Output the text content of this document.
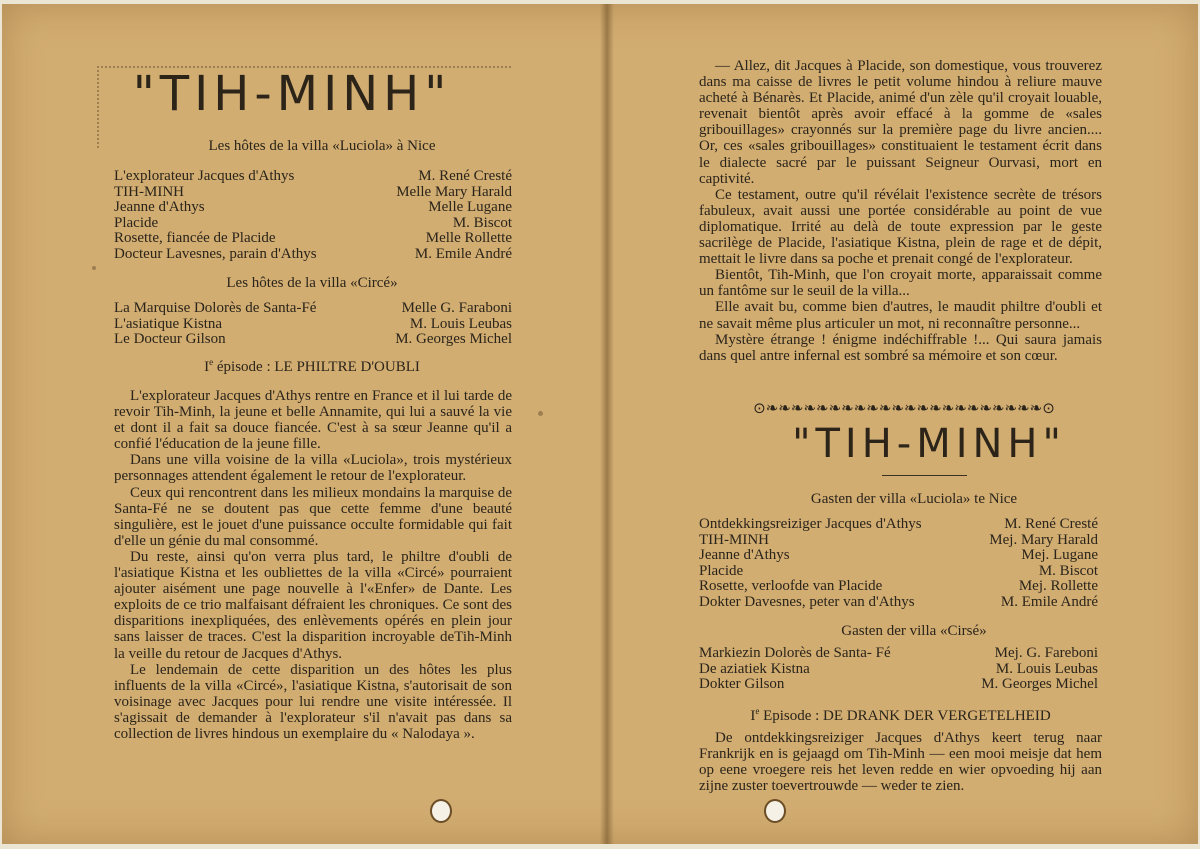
"TIH-MINH"
Les hôtes de la villa «Luciola» à Nice
L'explorateur Jacques d'Athys	M. René Cresté
TIH-MINH	Melle Mary Harald
Jeanne d'Athys	Melle Lugane
Placide	M. Biscot
Rosette, fiancée de Placide	Melle Rollette
Docteur Lavesnes, parain d'Athys	M. Emile André
Les hôtes de la villa «Circé»
La Marquise Dolorès de Santa-Fé	Melle G. Faraboni
L'asiatique Kistna	M. Louis Leubas
Le Docteur Gilson	M. Georges Michel
Ie épisode : LE PHILTRE D'OUBLI

L'explorateur Jacques d'Athys rentre en France et il lui tarde de revoir Tih-Minh, la jeune et belle Annamite, qui lui a sauvé la vie et dont il a fait sa douce fiancée. C'est à sa sœur Jeanne qu'il a confié l'éducation de la jeune fille.

Dans une villa voisine de la villa «Luciola», trois mystérieux personnages attendent également le retour de l'explorateur.

Ceux qui rencontrent dans les milieux mondains la marquise de Santa-Fé ne se doutent pas que cette femme d'une beauté singulière, est le jouet d'une puissance occulte formidable qui fait d'elle un génie du mal consommé.

Du reste, ainsi qu'on verra plus tard, le philtre d'oubli de l'asiatique Kistna et les oubliettes de la villa «Circé» pourraient ajouter aisément une page nouvelle à l'«Enfer» de Dante. Les exploits de ce trio malfaisant défraient les chroniques. Ce sont des disparitions inexpliquées, des enlèvements opérés en plein jour sans laisser de traces. C'est la disparition incroyable deTih-Minh la veille du retour de Jacques d'Athys.

Le lendemain de cette disparition un des hôtes les plus influents de la villa «Circé», l'asiatique Kistna, s'autorisait de son voisinage avec Jacques pour lui rendre une visite intéressée. Il s'agissait de demander à l'explorateur s'il n'avait pas dans sa collection de livres hindous un exemplaire du « Nalodaya ».

— Allez, dit Jacques à Placide, son domestique, vous trouverez dans ma caisse de livres le petit volume hindou à reliure mauve acheté à Bénarès. Et Placide, animé d'un zèle qu'il croyait louable, revenait bientôt après avoir effacé à la gomme de «sales gribouillages» crayonnés sur la première page du livre ancien.... Or, ces «sales gribouillages» constituaient le testament écrit dans le dialecte sacré par le puissant Seigneur Ourvasi, mort en captivité.

Ce testament, outre qu'il révélait l'existence secrète de trésors fabuleux, avait aussi une portée considérable au point de vue diplomatique. Irrité au delà de toute expression par le geste sacrilège de Placide, l'asiatique Kistna, plein de rage et de dépit, mettait le livre dans sa poche et prenait congé de l'explorateur.

Bientôt, Tih-Minh, que l'on croyait morte, apparaissait comme un fantôme sur le seuil de la villa...

Elle avait bu, comme bien d'autres, le maudit philtre d'oubli et ne savait même plus articuler un mot, ni reconnaître personne...

Mystère étrange ! énigme indéchiffrable !... Qui saura jamais dans quel antre infernal est sombré sa mémoire et son cœur.

⊙❧❧❧❧❧❧❧❧❧❧❧❧❧❧❧❧❧❧❧❧❧❧⊙
"TIH-MINH"
Gasten der villa «Luciola» te Nice
Ontdekkingsreiziger Jacques d'Athys	M. René Cresté
TIH-MINH	Mej. Mary Harald
Jeanne d'Athys	Mej. Lugane
Placide	M. Biscot
Rosette, verloofde van Placide	Mej. Rollette
Dokter Davesnes, peter van d'Athys	M. Emile André
Gasten der villa «Cirsé»
Markiezin Dolorès de Santa- Fé	Mej. G. Fareboni
De aziatiek Kistna	M. Louis Leubas
Dokter Gilson	M. Georges Michel
Ie Episode : DE DRANK DER VERGETELHEID

De ontdekkingsreiziger Jacques d'Athys keert terug naar Frankrijk en is gejaagd om Tih-Minh — een mooi meisje dat hem op eene vroegere reis het leven redde en wier opvoeding hij aan zijne zuster toevertrouwde — weder te zien.
